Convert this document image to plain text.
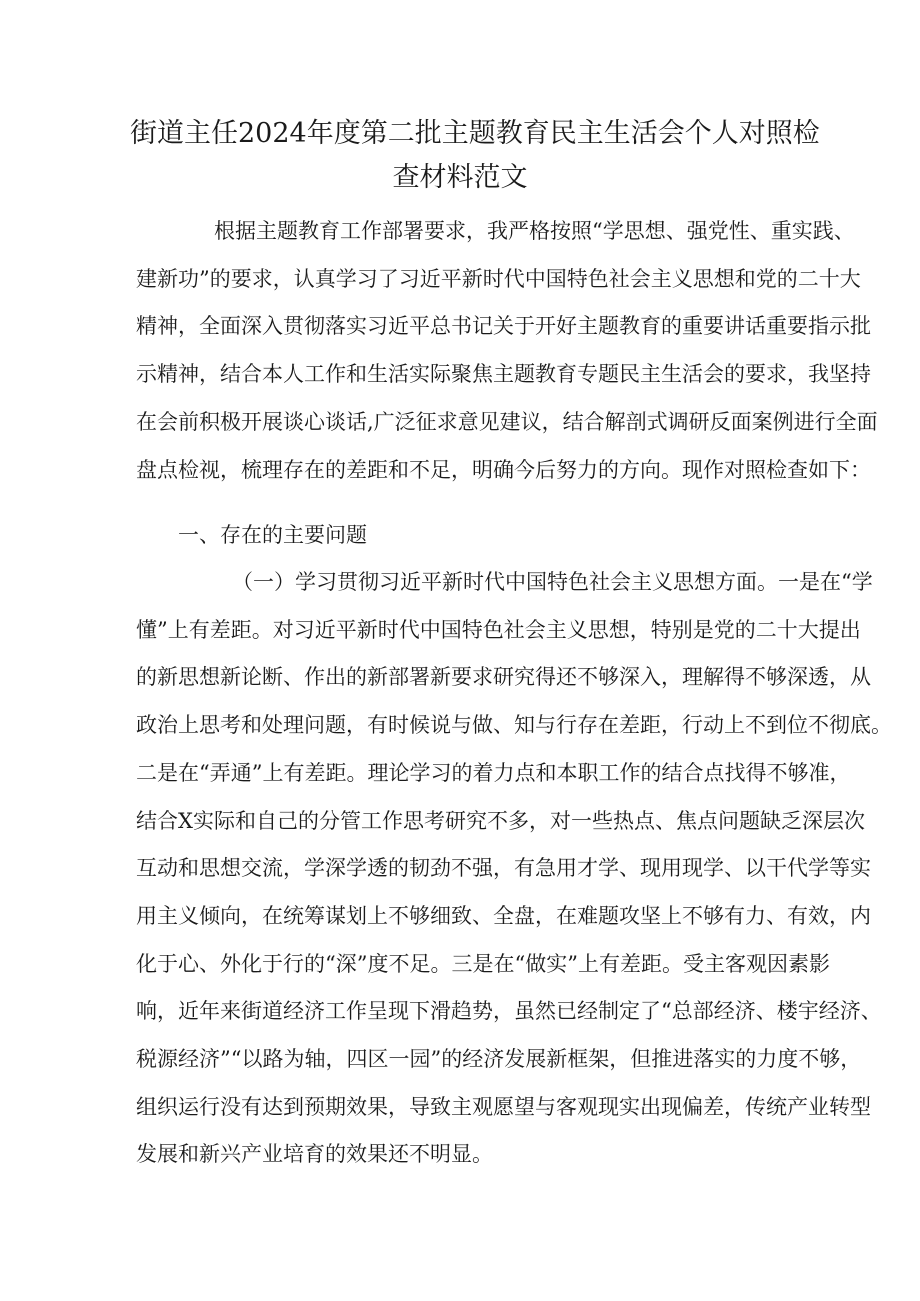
街道主任2024年度第二批主题教育民主生活会个人对照检
查材料范文
根据主题教育工作部署要求，我严格按照“学思想、强党性、重实践、
建新功”的要求，认真学习了习近平新时代中国特色社会主义思想和党的二十大
精神，全面深入贯彻落实习近平总书记关于开好主题教育的重要讲话重要指示批
示精神，结合本人工作和生活实际聚焦主题教育专题民主生活会的要求，我坚持
在会前积极开展谈心谈话,广泛征求意见建议，结合解剖式调研反面案例进行全面
盘点检视，梳理存在的差距和不足，明确今后努力的方向。现作对照检查如下：
一、存在的主要问题
（一）学习贯彻习近平新时代中国特色社会主义思想方面。一是在“学
懂”上有差距。对习近平新时代中国特色社会主义思想，特别是党的二十大提出
的新思想新论断、作出的新部署新要求研究得还不够深入，理解得不够深透，从
政治上思考和处理问题，有时候说与做、知与行存在差距，行动上不到位不彻底。
二是在“弄通”上有差距。理论学习的着力点和本职工作的结合点找得不够准，
结合X实际和自己的分管工作思考研究不多，对一些热点、焦点问题缺乏深层次
互动和思想交流，学深学透的韧劲不强，有急用才学、现用现学、以干代学等实
用主义倾向，在统筹谋划上不够细致、全盘，在难题攻坚上不够有力、有效，内
化于心、外化于行的“深”度不足。三是在“做实”上有差距。受主客观因素影
响，近年来街道经济工作呈现下滑趋势，虽然已经制定了“总部经济、楼宇经济、
税源经济”“以路为轴，四区一园”的经济发展新框架，但推进落实的力度不够，
组织运行没有达到预期效果，导致主观愿望与客观现实出现偏差，传统产业转型
发展和新兴产业培育的效果还不明显。
